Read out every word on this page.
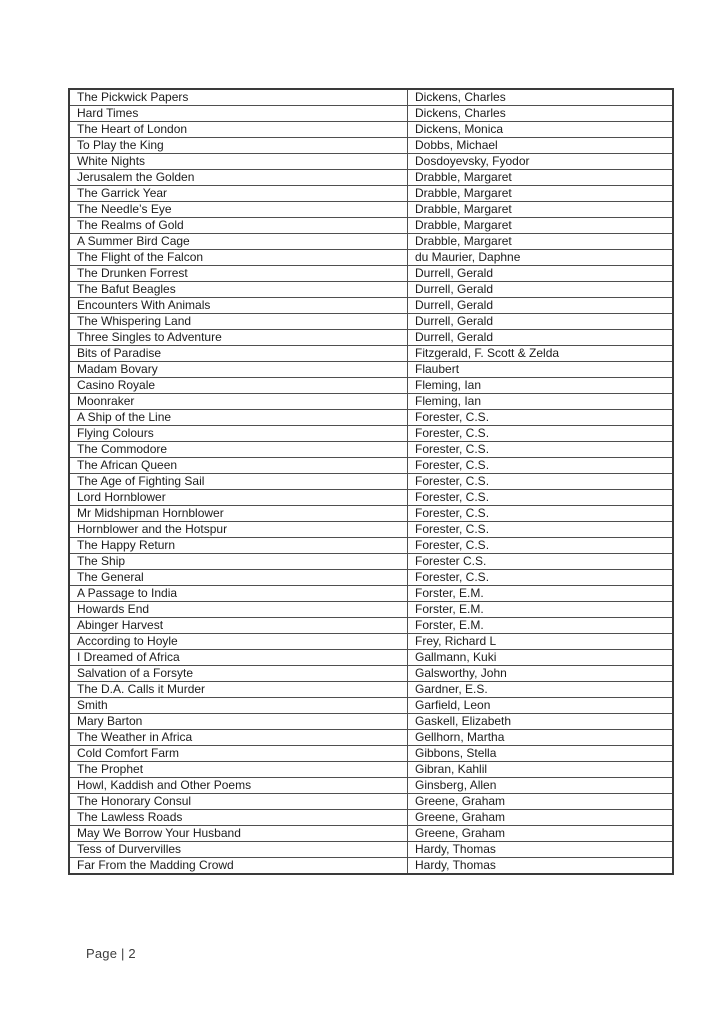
The Pickwick Papers	Dickens, Charles
Hard Times	Dickens, Charles
The Heart of London	Dickens, Monica
To Play the King	Dobbs, Michael
White Nights	Dosdoyevsky, Fyodor
Jerusalem the Golden	Drabble, Margaret
The Garrick Year	Drabble, Margaret
The Needle’s Eye	Drabble, Margaret
The Realms of Gold	Drabble, Margaret
A Summer Bird Cage	Drabble, Margaret
The Flight of the Falcon	du Maurier, Daphne
The Drunken Forrest	Durrell, Gerald
The Bafut Beagles	Durrell, Gerald
Encounters With Animals	Durrell, Gerald
The Whispering Land	Durrell, Gerald
Three Singles to Adventure	Durrell, Gerald
Bits of Paradise	Fitzgerald, F. Scott & Zelda
Madam Bovary	Flaubert
Casino Royale	Fleming, Ian
Moonraker	Fleming, Ian
A Ship of the Line	Forester, C.S.
Flying Colours	Forester, C.S.
The Commodore	Forester, C.S.
The African Queen	Forester, C.S.
The Age of Fighting Sail	Forester, C.S.
Lord Hornblower	Forester, C.S.
Mr Midshipman Hornblower	Forester, C.S.
Hornblower and the Hotspur	Forester, C.S.
The Happy Return	Forester, C.S.
The Ship	Forester C.S.
The General	Forester, C.S.
A Passage to India	Forster, E.M.
Howards End	Forster, E.M.
Abinger Harvest	Forster, E.M.
According to Hoyle	Frey, Richard L
I Dreamed of Africa	Gallmann, Kuki
Salvation of a Forsyte	Galsworthy, John
The D.A. Calls it Murder	Gardner, E.S.
Smith	Garfield, Leon
Mary Barton	Gaskell, Elizabeth
The Weather in Africa	Gellhorn, Martha
Cold Comfort Farm	Gibbons, Stella
The Prophet	Gibran, Kahlil
Howl, Kaddish and Other Poems	Ginsberg, Allen
The Honorary Consul	Greene, Graham
The Lawless Roads	Greene, Graham
May We Borrow Your Husband	Greene, Graham
Tess of Durvervilles	Hardy, Thomas
Far From the Madding Crowd	Hardy, Thomas
Page | 2
